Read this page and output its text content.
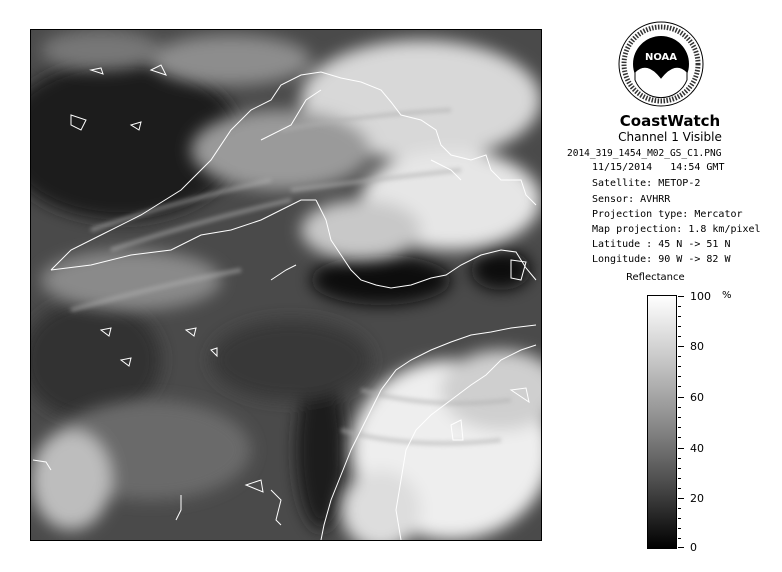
NOAA
CoastWatch
Channel 1 Visible
2014_319_1454_M02_GS_C1.PNG
11/15/2014 14:54 GMT
Satellite: METOP-2
Sensor: AVHRR
Projection type: Mercator
Map projection: 1.8 km/pixel
Latitude : 45 N -> 51 N
Longitude: 90 W -> 82 W
Reflectance
%
100
80
60
40
20
0
